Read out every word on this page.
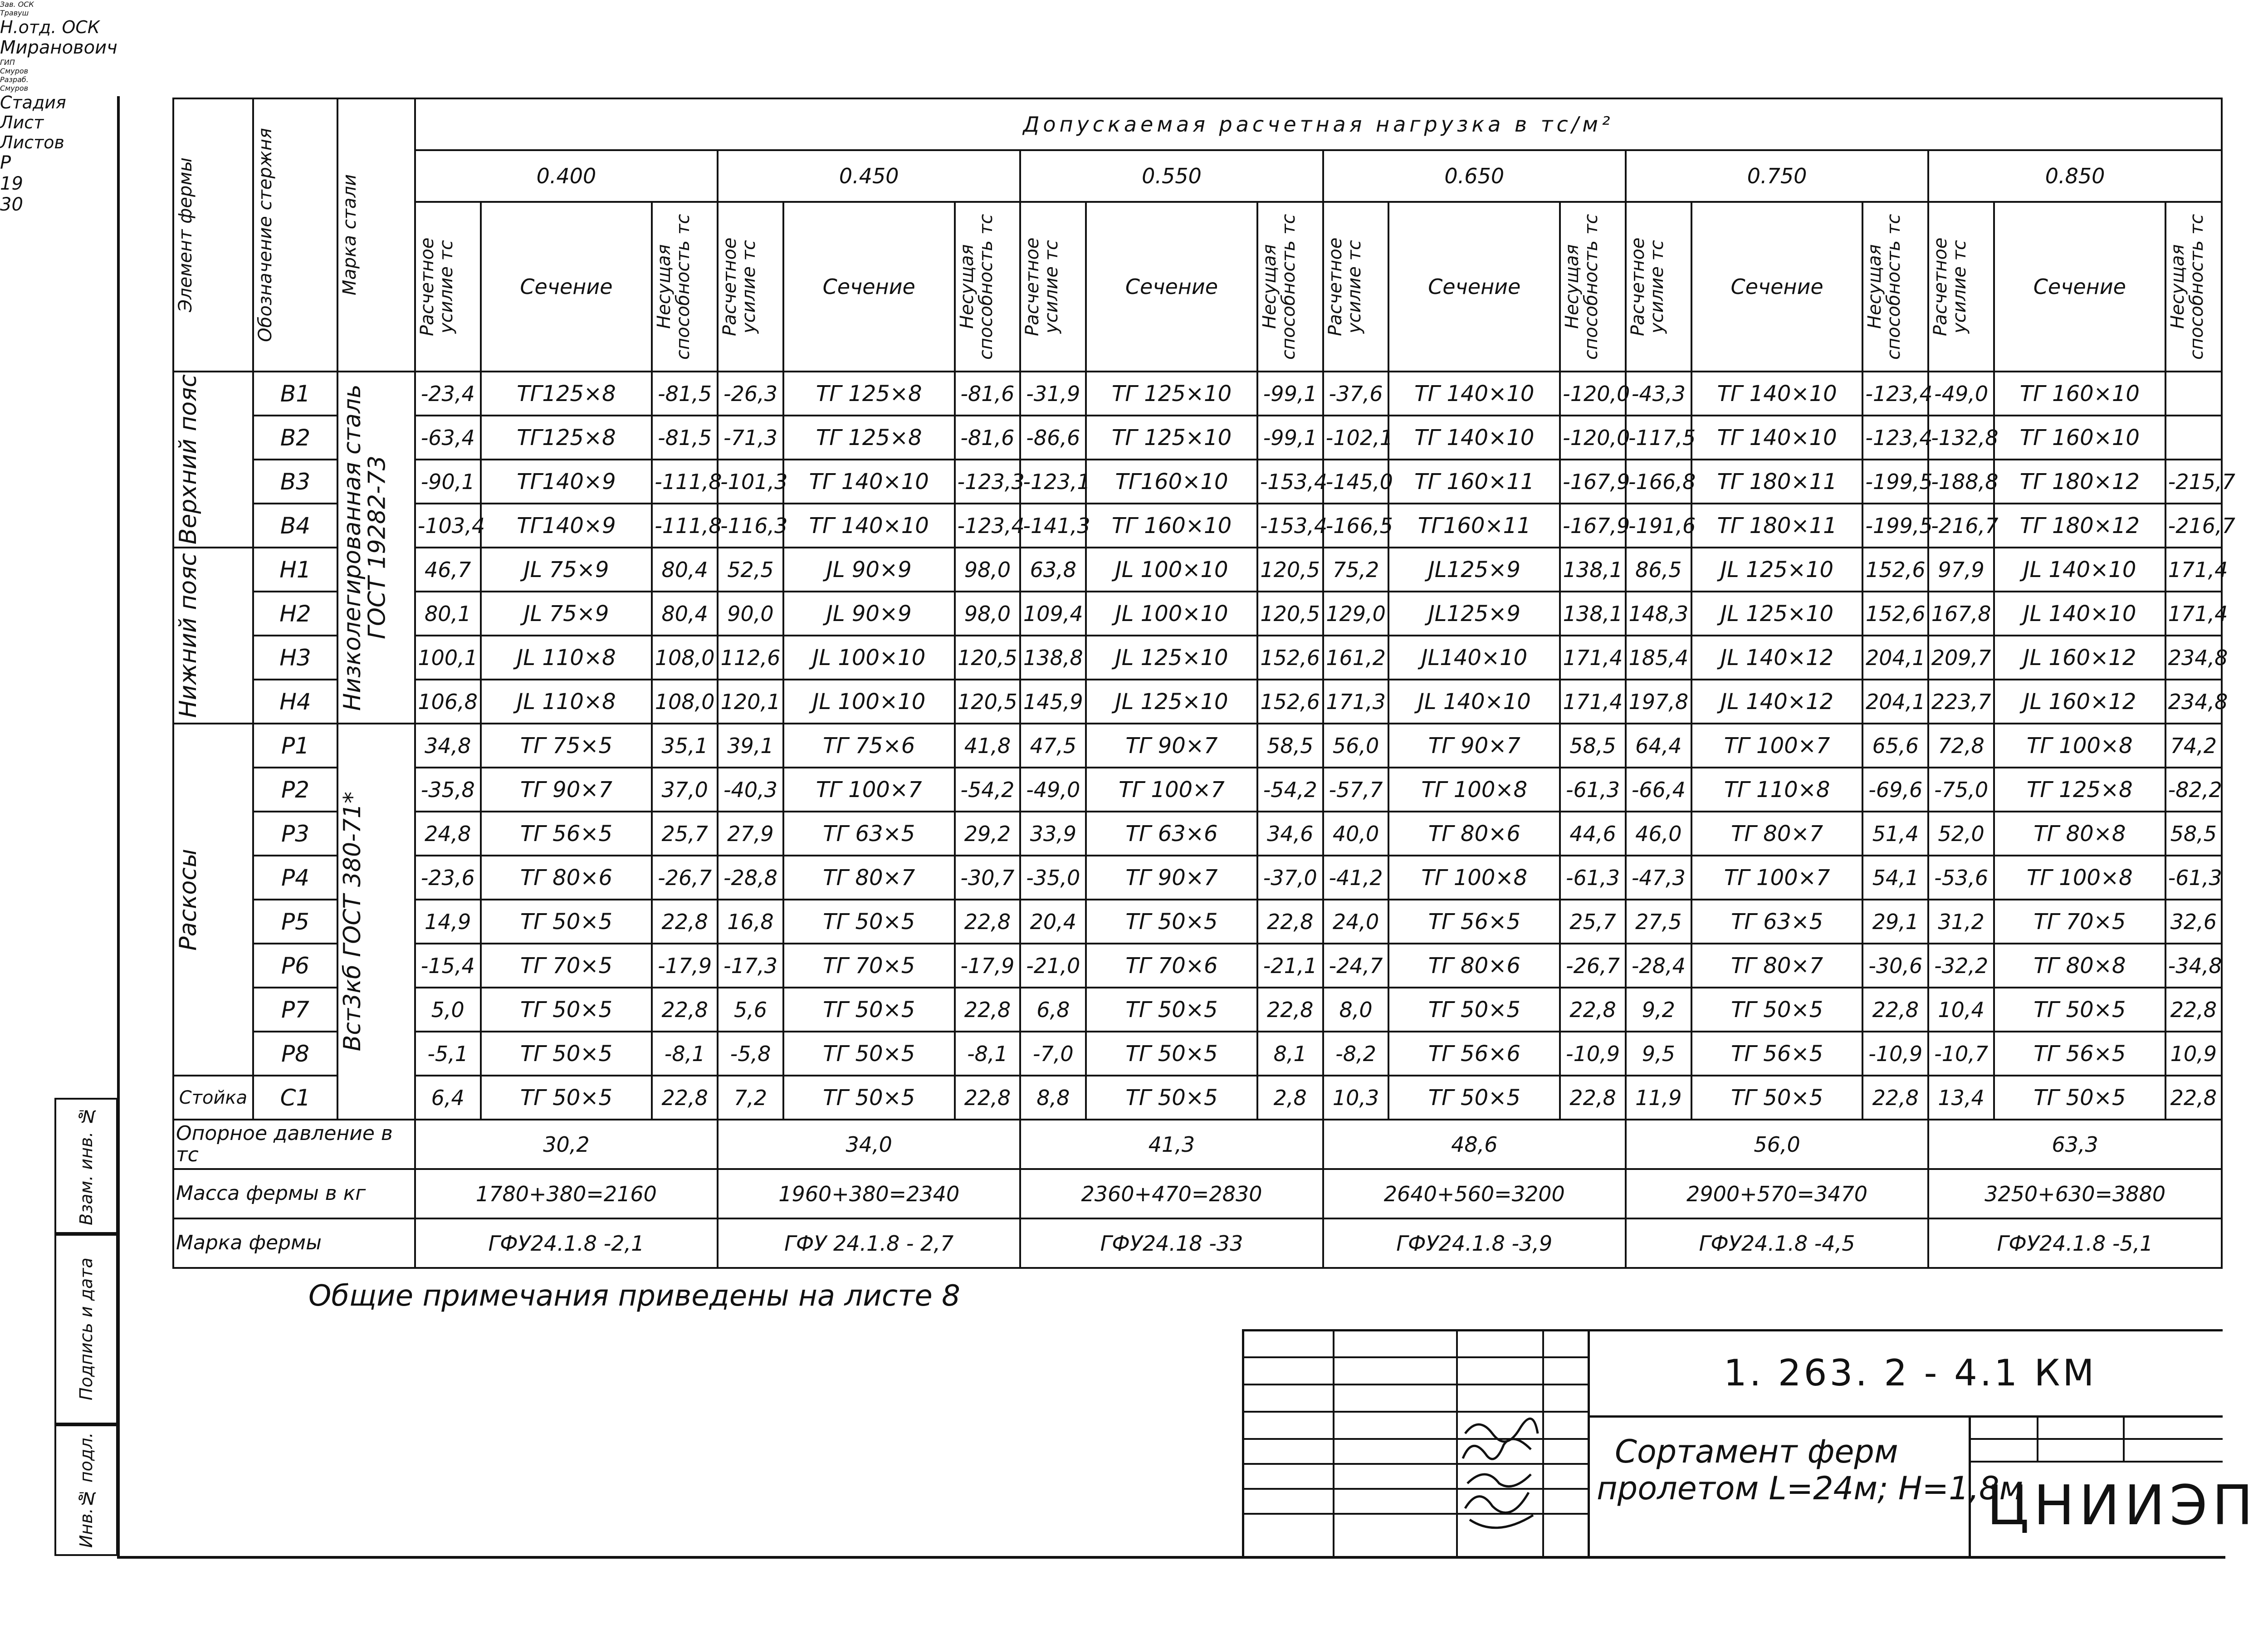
Элемент фермы	Обозначение стержня	Марка стали	Допускаемая расчетная нагрузка в тс/м²																	
			0.400			0.450			0.550			0.650			0.750			0.850		

			Расчетное усилие тс	Сечение	Несущая способность тс	Расчетное усилие тс	Сечение	Несущая способность тс	Расчетное усилие тс	Сечение	Несущая способность тс	Расчетное усилие тс	Сечение	Несущая способность тс	Расчетное усилие тс	Сечение	Несущая способность тс	Расчетное усилие тс	Сечение	Несущая способность тс

Верхний пояс	В1	Низколегированная сталь ГОСТ 19282-73	-23,4	ΤΓ125×8	-81,5	-26,3	ΤΓ 125×8	-81,6	-31,9	ΤΓ 125×10	-99,1	-37,6	ΤΓ 140×10	-120,0	-43,3	ΤΓ 140×10	-123,4	-49,0	ΤΓ 160×10	
	В2		-63,4	ΤΓ125×8	-81,5	-71,3	ΤΓ 125×8	-81,6	-86,6	ΤΓ 125×10	-99,1	-102,1	ΤΓ 140×10	-120,0	-117,5	ΤΓ 140×10	-123,4	-132,8	ΤΓ 160×10	
	В3		-90,1	ΤΓ140×9	-111,8	-101,3	ΤΓ 140×10	-123,3	-123,1	ΤΓ160×10	-153,4	-145,0	ΤΓ 160×11	-167,9	-166,8	ΤΓ 180×11	-199,5	-188,8	ΤΓ 180×12	-215,7
	В4		-103,4	ΤΓ140×9	-111,8	-116,3	ΤΓ 140×10	-123,4	-141,3	ΤΓ 160×10	-153,4	-166,5	ΤΓ160×11	-167,9	-191,6	ΤΓ 180×11	-199,5	-216,7	ΤΓ 180×12	-216,7

Нижний пояс	Н1		46,7	JL 75×9	80,4	52,5	JL 90×9	98,0	63,8	JL 100×10	120,5	75,2	JL125×9	138,1	86,5	JL 125×10	152,6	97,9	JL 140×10	171,4
	Н2		80,1	JL 75×9	80,4	90,0	JL 90×9	98,0	109,4	JL 100×10	120,5	129,0	JL125×9	138,1	148,3	JL 125×10	152,6	167,8	JL 140×10	171,4
	Н3		100,1	JL 110×8	108,0	112,6	JL 100×10	120,5	138,8	JL 125×10	152,6	161,2	JL140×10	171,4	185,4	JL 140×12	204,1	209,7	JL 160×12	234,8
	Н4		106,8	JL 110×8	108,0	120,1	JL 100×10	120,5	145,9	JL 125×10	152,6	171,3	JL 140×10	171,4	197,8	JL 140×12	204,1	223,7	JL 160×12	234,8

Раскосы	Р1	Вст3кб ГОСТ 380-71*	34,8	ΤΓ 75×5	35,1	39,1	ΤΓ 75×6	41,8	47,5	ΤΓ 90×7	58,5	56,0	ΤΓ 90×7	58,5	64,4	ΤΓ 100×7	65,6	72,8	ΤΓ 100×8	74,2
	Р2		-35,8	ΤΓ 90×7	37,0	-40,3	ΤΓ 100×7	-54,2	-49,0	ΤΓ 100×7	-54,2	-57,7	ΤΓ 100×8	-61,3	-66,4	ΤΓ 110×8	-69,6	-75,0	ΤΓ 125×8	-82,2
	Р3		24,8	ΤΓ 56×5	25,7	27,9	ΤΓ 63×5	29,2	33,9	ΤΓ 63×6	34,6	40,0	ΤΓ 80×6	44,6	46,0	ΤΓ 80×7	51,4	52,0	ΤΓ 80×8	58,5
	Р4		-23,6	ΤΓ 80×6	-26,7	-28,8	ΤΓ 80×7	-30,7	-35,0	ΤΓ 90×7	-37,0	-41,2	ΤΓ 100×8	-61,3	-47,3	ΤΓ 100×7	54,1	-53,6	ΤΓ 100×8	-61,3
	Р5		14,9	ΤΓ 50×5	22,8	16,8	ΤΓ 50×5	22,8	20,4	ΤΓ 50×5	22,8	24,0	ΤΓ 56×5	25,7	27,5	ΤΓ 63×5	29,1	31,2	ΤΓ 70×5	32,6
	Р6		-15,4	ΤΓ 70×5	-17,9	-17,3	ΤΓ 70×5	-17,9	-21,0	ΤΓ 70×6	-21,1	-24,7	ΤΓ 80×6	-26,7	-28,4	ΤΓ 80×7	-30,6	-32,2	ΤΓ 80×8	-34,8
	Р7		5,0	ΤΓ 50×5	22,8	5,6	ΤΓ 50×5	22,8	6,8	ΤΓ 50×5	22,8	8,0	ΤΓ 50×5	22,8	9,2	ΤΓ 50×5	22,8	10,4	ΤΓ 50×5	22,8
	Р8		-5,1	ΤΓ 50×5	-8,1	-5,8	ΤΓ 50×5	-8,1	-7,0	ΤΓ 50×5	8,1	-8,2	ΤΓ 56×6	-10,9	9,5	ΤΓ 56×5	-10,9	-10,7	ΤΓ 56×5	10,9

Стойка	С1		6,4	ΤΓ 50×5	22,8	7,2	ΤΓ 50×5	22,8	8,8	ΤΓ 50×5	2,8	10,3	ΤΓ 50×5	22,8	11,9	ΤΓ 50×5	22,8	13,4	ΤΓ 50×5	22,8
Опорное давление в тс			30,2			34,0			41,3			48,6			56,0			63,3		
Масса фермы в кг			1780+380=2160			1960+380=2340			2360+470=2830			2640+560=3200			2900+570=3470			3250+630=3880		
Марка фермы			ГФУ24.1.8 -2,1			ГФУ 24.1.8 - 2,7			ГФУ24.18 -33			ГФУ24.1.8 -3,9			ГФУ24.1.8 -4,5			ГФУ24.1.8 -5,1		
Общие примечания приведены на листе 8
Взам. инв. №
Подпись и дата
Инв.№ подл.
Зав. ОСК
Травуш
Н.отд. ОСК
Мирановоич
ГИП
Смуров
Разраб.
Смуров
1. 263. 2 - 4.1 КМ
Сортамент ферм
пролетом L=24м; H=1,8м
Стадия
Лист
Листов
Р
19
30
ЦНИИЭП
